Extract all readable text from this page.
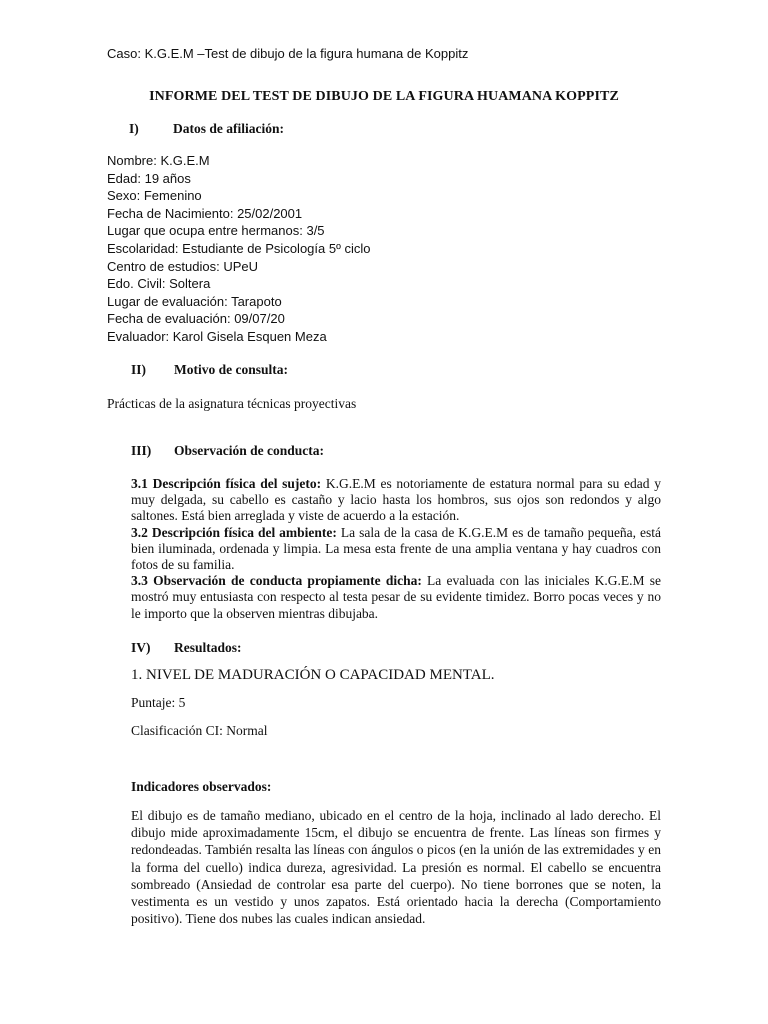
Caso: K.G.E.M –Test de dibujo de la figura humana de Koppitz
INFORME DEL TEST DE DIBUJO DE LA FIGURA HUAMANA KOPPITZ
I)	Datos de afiliación:
Nombre: K.G.E.M
Edad: 19 años
Sexo: Femenino
Fecha de Nacimiento: 25/02/2001
Lugar que ocupa entre hermanos: 3/5
Escolaridad: Estudiante de Psicología 5º ciclo
Centro de estudios: UPeU
Edo. Civil: Soltera
Lugar de evaluación: Tarapoto
Fecha de evaluación: 09/07/20
Evaluador: Karol Gisela Esquen Meza
II) Motivo de consulta:
Prácticas de la asignatura técnicas proyectivas
III) Observación de conducta:
3.1 Descripción física del sujeto: K.G.E.M es notoriamente de estatura normal para su edad y muy delgada, su cabello es castaño y lacio hasta los hombros, sus ojos son redondos y algo saltones. Está bien arreglada y viste de acuerdo a la estación.
3.2 Descripción física del ambiente: La sala de la casa de K.G.E.M es de tamaño pequeña, está bien iluminada, ordenada y limpia. La mesa esta frente de una amplia ventana y hay cuadros con fotos de su familia.
3.3 Observación de conducta propiamente dicha: La evaluada con las iniciales K.G.E.M se mostró muy entusiasta con respecto al testa pesar de su evidente timidez. Borro pocas veces y no le importo que la observen mientras dibujaba.
IV) Resultados:
1. NIVEL DE MADURACIÓN O CAPACIDAD MENTAL.
Puntaje: 5
Clasificación CI: Normal
Indicadores observados:
El dibujo es de tamaño mediano, ubicado en el centro de la hoja, inclinado al lado derecho. El dibujo mide aproximadamente 15cm, el dibujo se encuentra de frente. Las líneas son firmes y redondeadas. También resalta las líneas con ángulos o picos (en la unión de las extremidades y en la forma del cuello) indica dureza, agresividad. La presión es normal. El cabello se encuentra sombreado (Ansiedad de controlar esa parte del cuerpo). No tiene borrones que se noten, la vestimenta es un vestido y unos zapatos. Está orientado hacia la derecha (Comportamiento positivo). Tiene dos nubes las cuales indican ansiedad.
